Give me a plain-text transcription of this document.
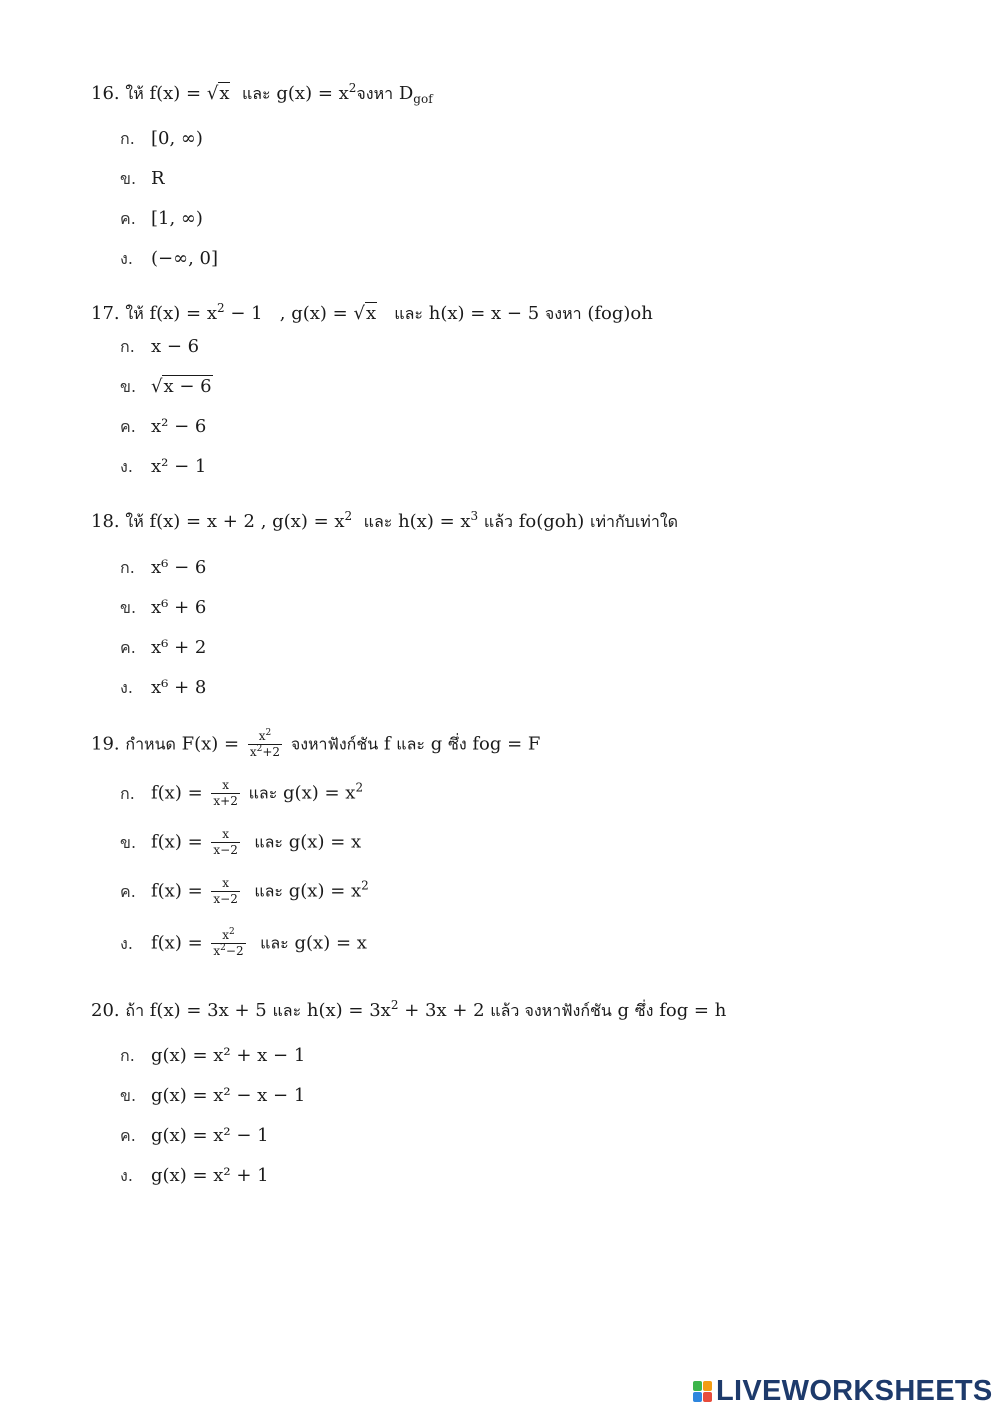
16. ให้ f(x) = √x และ $g(x) = x^2$จงหา $D_{gof}$
ก. [0, ∞)
ข. R
ค. [1, ∞)
ง. (−∞, 0]
17. ให้ $f(x) = x^2 - 1$   , g(x) = √x และ h(x) = x − 5 จงหา (fog)oh
ก. x − 6
ข. √x − 6
ค. x² − 6
ง. x² − 1
18. ให้ f(x) = x + 2 , $g(x) = x^2$ และ $h(x) = x^3$ แล้ว fo(goh) เท่ากับเท่าใด
ก. x⁶ − 6
ข. x⁶ + 6
ค. x⁶ + 2
ง. x⁶ + 8
19. กำหนด $F(x) = \frac{x^2}{x^2+2}$ จงหาฟังก์ชัน f และ g ซึ่ง fog = F
ก. $f(x) = \frac{x}{x+2}$ และ $g(x) = x^2$
ข. $f(x) = \frac{x}{x-2}$ และ g(x) = x
ค. $f(x) = \frac{x}{x-2}$ และ $g(x) = x^2$
ง. $f(x) = \frac{x^2}{x^2-2}$ และ g(x) = x
20. ถ้า f(x) = 3x + 5 และ $h(x) = 3x^2 + 3x + 2$ แล้ว จงหาฟังก์ชัน g ซึ่ง fog = h
ก. g(x) = x² + x − 1
ข. g(x) = x² − x − 1
ค. g(x) = x² − 1
ง. g(x) = x² + 1
LIVEWORKSHEETS
